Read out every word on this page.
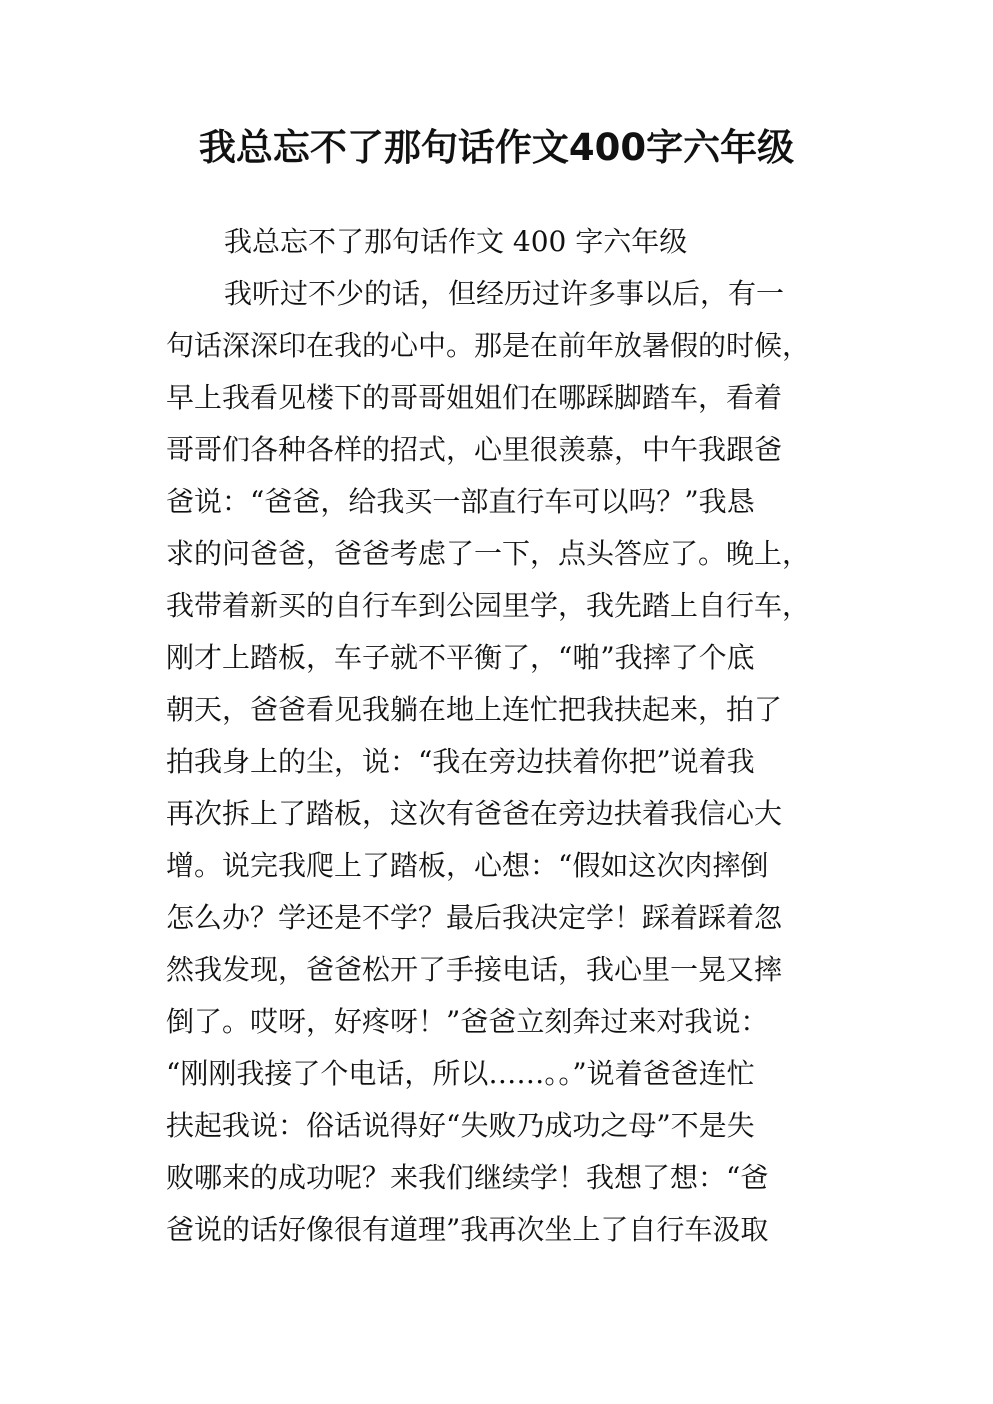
我总忘不了那句话作文400字六年级
我总忘不了那句话作文 400 字六年级
我听过不少的话，但经历过许多事以后，有一
句话深深印在我的心中。那是在前年放暑假的时候，
早上我看见楼下的哥哥姐姐们在哪踩脚踏车，看着
哥哥们各种各样的招式，心里很羡慕，中午我跟爸
爸说：“爸爸，给我买一部直行车可以吗？”我恳
求的问爸爸，爸爸考虑了一下，点头答应了。晚上，
我带着新买的自行车到公园里学，我先踏上自行车，
刚才上踏板，车子就不平衡了，“啪”我摔了个底
朝天，爸爸看见我躺在地上连忙把我扶起来，拍了
拍我身上的尘，说：“我在旁边扶着你把”说着我
再次拆上了踏板，这次有爸爸在旁边扶着我信心大
增。说完我爬上了踏板，心想：“假如这次肉摔倒
怎么办？学还是不学？最后我决定学！踩着踩着忽
然我发现，爸爸松开了手接电话，我心里一晃又摔
倒了。哎呀，好疼呀！”爸爸立刻奔过来对我说：
“刚刚我接了个电话，所以……。。”说着爸爸连忙
扶起我说：俗话说得好“失败乃成功之母”不是失
败哪来的成功呢？来我们继续学！我想了想：“爸
爸说的话好像很有道理”我再次坐上了自行车汲取
